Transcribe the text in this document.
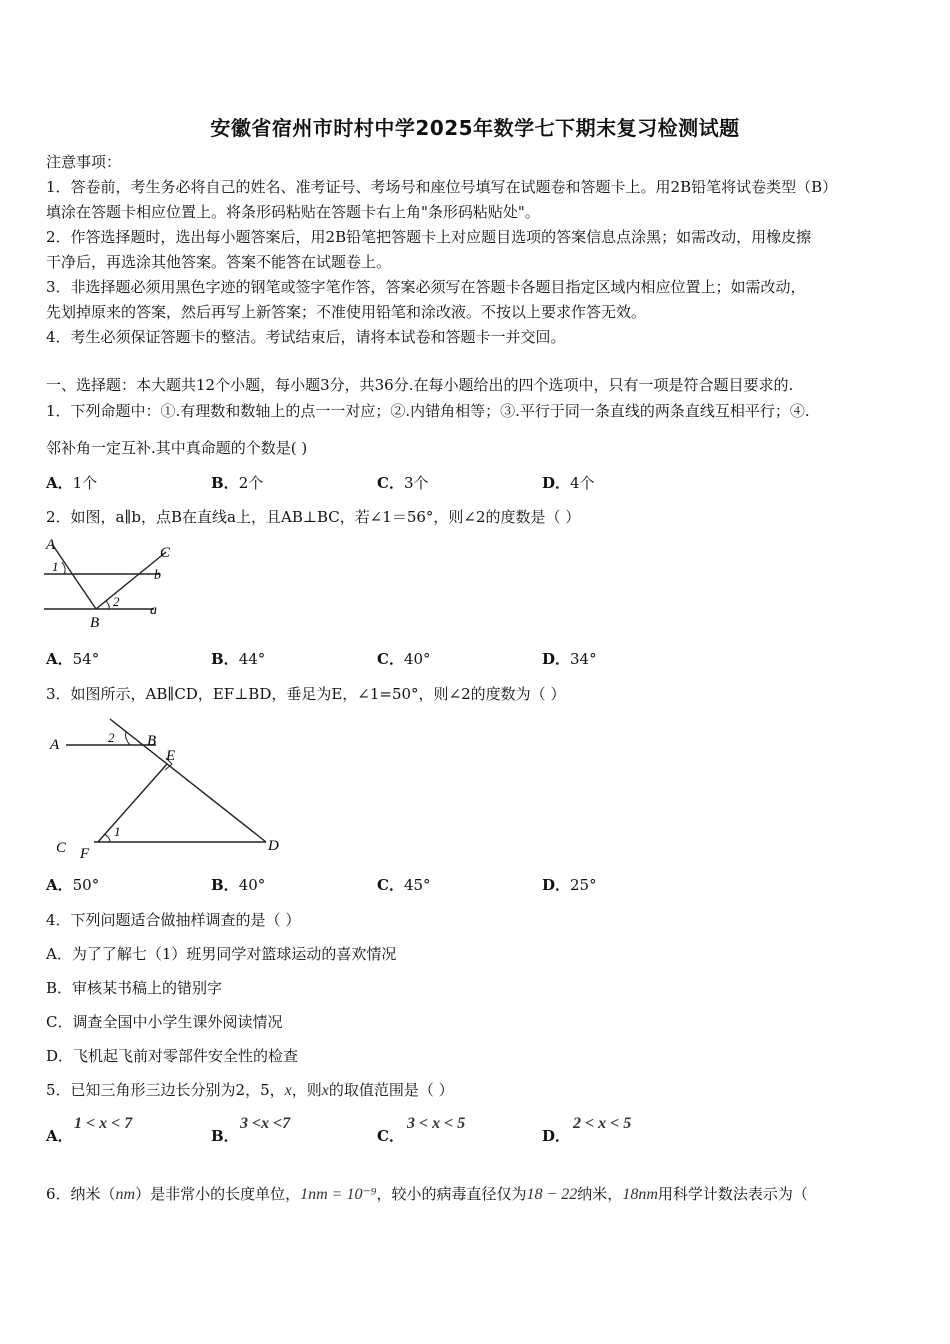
安徽省宿州市时村中学2025年数学七下期末复习检测试题
注意事项：
1．答卷前，考生务必将自己的姓名、准考证号、考场号和座位号填写在试题卷和答题卡上。用2B铅笔将试卷类型（B）
填涂在答题卡相应位置上。将条形码粘贴在答题卡右上角"条形码粘贴处"。
2．作答选择题时，选出每小题答案后，用2B铅笔把答题卡上对应题目选项的答案信息点涂黑；如需改动，用橡皮擦
干净后，再选涂其他答案。答案不能答在试题卷上。
3．非选择题必须用黑色字迹的钢笔或签字笔作答，答案必须写在答题卡各题目指定区域内相应位置上；如需改动，
先划掉原来的答案，然后再写上新答案；不准使用铅笔和涂改液。不按以上要求作答无效。
4．考生必须保证答题卡的整洁。考试结束后，请将本试卷和答题卡一并交回。
一、选择题：本大题共12个小题，每小题3分，共36分.在每小题给出的四个选项中，只有一项是符合题目要求的.
1．下列命题中：①.有理数和数轴上的点一一对应；②.内错角相等；③.平行于同一条直线的两条直线互相平行；④.
邻补角一定互补.其中真命题的个数是( )
A．1个	B．2个	C．3个	D．4个
2．如图，a∥b，点B在直线a上，且AB⊥BC，若∠1＝56°，则∠2的度数是（ ）
A	C
b
a
B
1
2
A．54°	B．44°	C．40°	D．34°
3．如图所示，AB∥CD，EF⊥BD，垂足为E，∠1=50°，则∠2的度数为（ ）
A	B
E
C F	D
1
2
A．50°	B．40°	C．45°	D．25°
4．下列问题适合做抽样调查的是（ ）
A．为了了解七（1）班男同学对篮球运动的喜欢情况
B．审核某书稿上的错别字
C．调查全国中小学生课外阅读情况
D．飞机起飞前对零部件安全性的检查
5．已知三角形三边长分别为2，5，x，则x的取值范围是（ ）
A．
1 < x < 7
B．
3 <x <7
C．
3 < x < 5
D．
2 < x < 5
6．纳米（nm）是非常小的长度单位，1nm = 10⁻⁹，较小的病毒直径仅为18 − 22纳米，18nm用科学计数法表示为（
